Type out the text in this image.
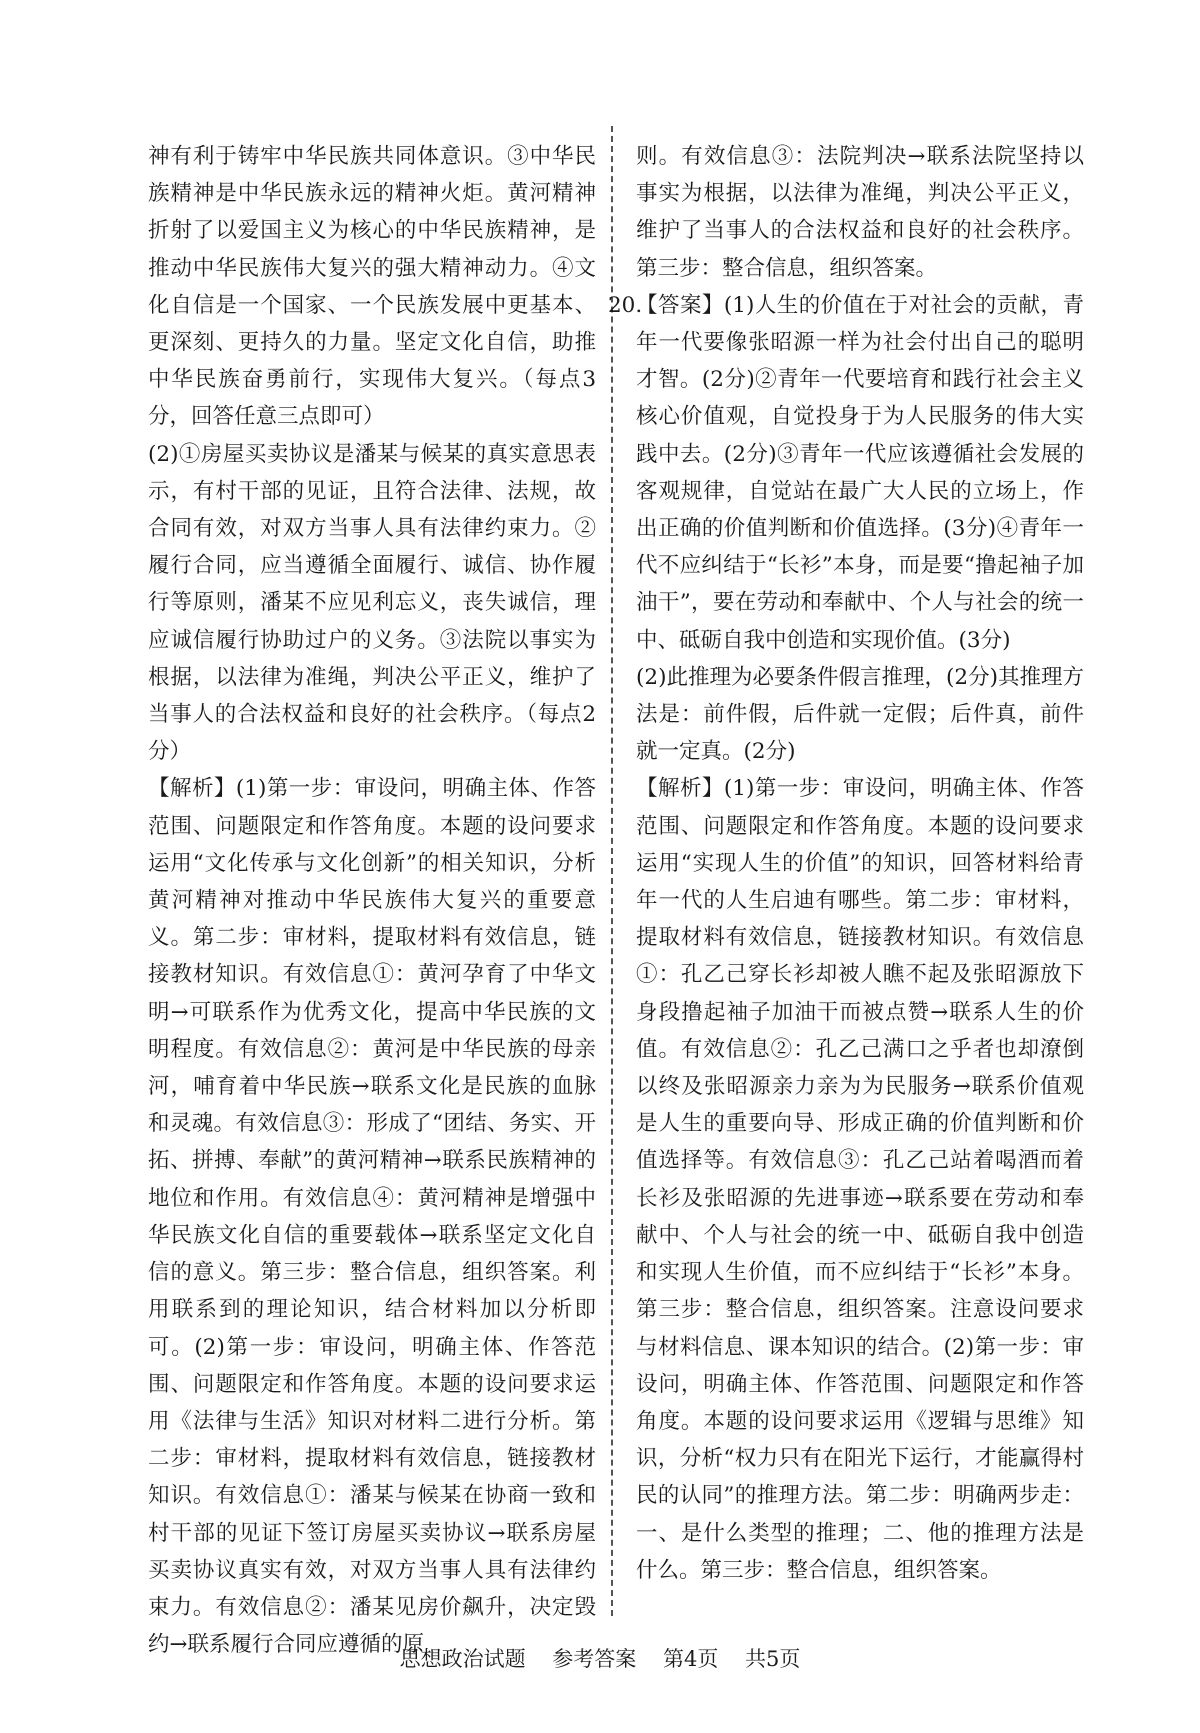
神有利于铸牢中华民族共同体意识。③中华民族精神是中华民族永远的精神火炬。黄河精神折射了以爱国主义为核心的中华民族精神，是推动中华民族伟大复兴的强大精神动力。④文化自信是一个国家、一个民族发展中更基本、更深刻、更持久的力量。坚定文化自信，助推中华民族奋勇前行，实现伟大复兴。（每点3分，回答任意三点即可）

(2)①房屋买卖协议是潘某与候某的真实意思表示，有村干部的见证，且符合法律、法规，故合同有效，对双方当事人具有法律约束力。②履行合同，应当遵循全面履行、诚信、协作履行等原则，潘某不应见利忘义，丧失诚信，理应诚信履行协助过户的义务。③法院以事实为根据，以法律为准绳，判决公平正义，维护了当事人的合法权益和良好的社会秩序。（每点2分）

【解析】(1)第一步：审设问，明确主体、作答范围、问题限定和作答角度。本题的设问要求运用“文化传承与文化创新”的相关知识，分析黄河精神对推动中华民族伟大复兴的重要意义。第二步：审材料，提取材料有效信息，链接教材知识。有效信息①：黄河孕育了中华文明→可联系作为优秀文化，提高中华民族的文明程度。有效信息②：黄河是中华民族的母亲河，哺育着中华民族→联系文化是民族的血脉和灵魂。有效信息③：形成了“团结、务实、开拓、拼搏、奉献”的黄河精神→联系民族精神的地位和作用。有效信息④：黄河精神是增强中华民族文化自信的重要载体→联系坚定文化自信的意义。第三步：整合信息，组织答案。利用联系到的理论知识，结合材料加以分析即可。(2)第一步：审设问，明确主体、作答范围、问题限定和作答角度。本题的设问要求运用《法律与生活》知识对材料二进行分析。第二步：审材料，提取材料有效信息，链接教材知识。有效信息①：潘某与候某在协商一致和村干部的见证下签订房屋买卖协议→联系房屋买卖协议真实有效，对双方当事人具有法律约束力。有效信息②：潘某见房价飙升，决定毁约→联系履行合同应遵循的原

则。有效信息③：法院判决→联系法院坚持以事实为根据，以法律为准绳，判决公平正义，维护了当事人的合法权益和良好的社会秩序。第三步：整合信息，组织答案。

20.

【答案】(1)人生的价值在于对社会的贡献，青年一代要像张昭源一样为社会付出自己的聪明才智。(2分)②青年一代要培育和践行社会主义核心价值观，自觉投身于为人民服务的伟大实践中去。(2分)③青年一代应该遵循社会发展的客观规律，自觉站在最广大人民的立场上，作出正确的价值判断和价值选择。(3分)④青年一代不应纠结于“长衫”本身，而是要“撸起袖子加油干”，要在劳动和奉献中、个人与社会的统一中、砥砺自我中创造和实现价值。(3分)

(2)此推理为必要条件假言推理，(2分)其推理方法是：前件假，后件就一定假；后件真，前件就一定真。(2分)

【解析】(1)第一步：审设问，明确主体、作答范围、问题限定和作答角度。本题的设问要求运用“实现人生的价值”的知识，回答材料给青年一代的人生启迪有哪些。第二步：审材料，提取材料有效信息，链接教材知识。有效信息①：孔乙己穿长衫却被人瞧不起及张昭源放下身段撸起袖子加油干而被点赞→联系人生的价值。有效信息②：孔乙己满口之乎者也却潦倒以终及张昭源亲力亲为为民服务→联系价值观是人生的重要向导、形成正确的价值判断和价值选择等。有效信息③：孔乙己站着喝酒而着长衫及张昭源的先进事迹→联系要在劳动和奉献中、个人与社会的统一中、砥砺自我中创造和实现人生价值，而不应纠结于“长衫”本身。第三步：整合信息，组织答案。注意设问要求与材料信息、课本知识的结合。(2)第一步：审设问，明确主体、作答范围、问题限定和作答角度。本题的设问要求运用《逻辑与思维》知识，分析“权力只有在阳光下运行，才能赢得村民的认同”的推理方法。第二步：明确两步走：一、是什么类型的推理；二、他的推理方法是什么。第三步：整合信息，组织答案。

思想政治试题 参考答案 第4页 共5页
